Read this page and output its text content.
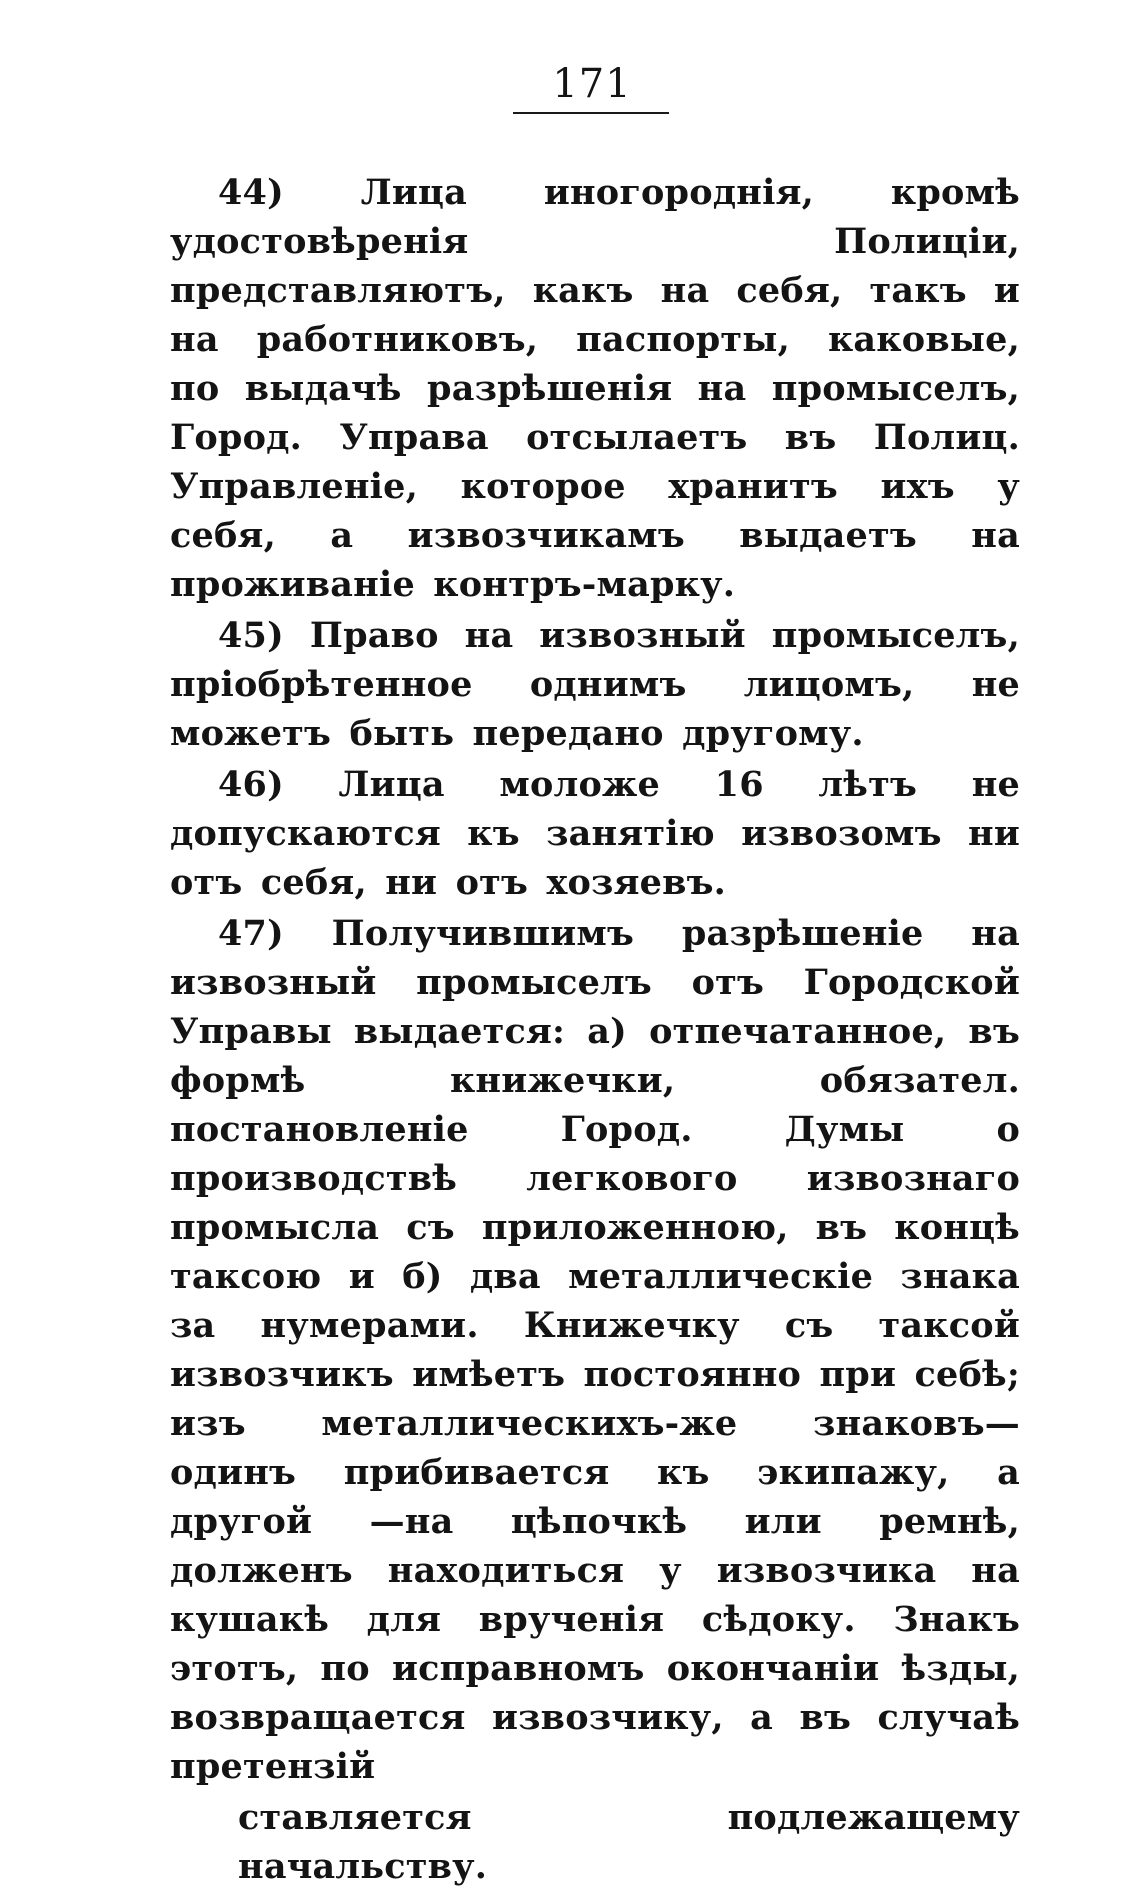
171

44) Лица иногороднія, кромѣ удостовѣренія Полиціи, представляютъ, какъ на себя, такъ и на работниковъ, паспорты, каковые, по выдачѣ разрѣшенія на промыселъ, Город. Управа отсылаетъ въ Полиц. Управленіе, которое хранитъ ихъ у себя, а извозчикамъ выдаетъ на проживаніе контръ-марку.

45) Право на извозный промыселъ, пріобрѣтенное однимъ лицомъ, не можетъ быть передано другому.

46) Лица моложе 16 лѣтъ не допускаются къ занятію извозомъ ни отъ себя, ни отъ хозяевъ.

47) Получившимъ разрѣшеніе на извозный промыселъ отъ Городской Управы выдается: а) отпечатанное, въ формѣ книжечки, обязател. постановленіе Город. Думы о производствѣ легкового извознаго промысла съ приложенною, въ концѣ таксою и б) два металлическіе знака за нумерами. Книжечку съ таксой извозчикъ имѣетъ постоянно при себѣ; изъ металлическихъ-же знаковъ—одинъ прибивается къ экипажу, а другой —на цѣпочкѣ или ремнѣ, долженъ находиться у извозчика на кушакѣ для врученія сѣдоку. Знакъ этотъ, по исправномъ окончаніи ѣзды, возвращается извозчику, а въ случаѣ претензій

ставляется подлежащему начальству.
